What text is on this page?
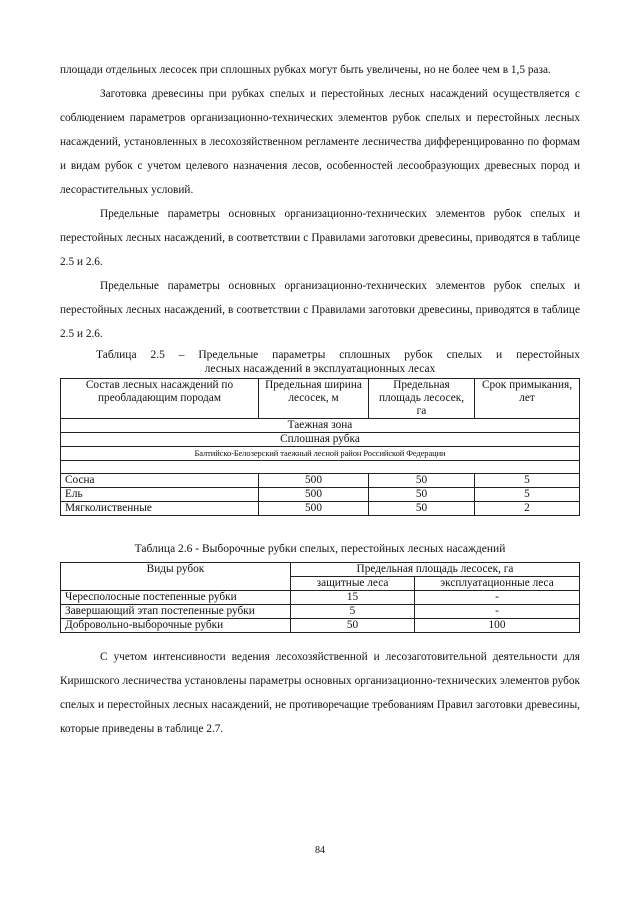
площади отдельных лесосек при сплошных рубках могут быть увеличены, но не более чем в 1,5 раза.

Заготовка древесины при рубках спелых и перестойных лесных насаждений осуществляется с соблюдением параметров организационно-технических элементов рубок спелых и перестойных лесных насаждений, установленных в лесохозяйственном регламенте лесничества дифференцированно по формам и видам рубок с учетом целевого назначения лесов, особенностей лесообразующих древесных пород и лесорастительных условий.

Предельные параметры основных организационно-технических элементов рубок спелых и перестойных лесных насаждений, в соответствии с Правилами заготовки древесины, приводятся в таблице 2.5 и 2.6.

Предельные параметры основных организационно-технических элементов рубок спелых и перестойных лесных насаждений, в соответствии с Правилами заготовки древесины, приводятся в таблице 2.5 и 2.6.

Таблица 2.5 – Предельные параметры сплошных рубок спелых и перестойных
лесных насаждений в эксплуатационных лесах
Состав лесных насаждений по преобладающим породам	Предельная ширина лесосек, м	Предельная площадь лесосек, га	Срок примыкания, лет
Таежная зона			
Сплошная рубка			
Балтийско-Белозерский таежный лесной район Российской Федерации			

Сосна	500	50	5
Ель	500	50	5
Мягколиственные	500	50	2
Таблица 2.6 - Выборочные рубки спелых, перестойных лесных насаждений
Виды рубок	Предельная площадь лесосек, га	
	защитные леса	эксплуатационные леса
Чересполосные постепенные рубки	15	-
Завершающий этап постепенные рубки	5	-
Добровольно-выборочные рубки	50	100

С учетом интенсивности ведения лесохозяйственной и лесозаготовительной деятельности для Киришского лесничества установлены параметры основных организационно-технических элементов рубок спелых и перестойных лесных насаждений, не противоречащие требованиям Правил заготовки древесины, которые приведены в таблице 2.7.

84
